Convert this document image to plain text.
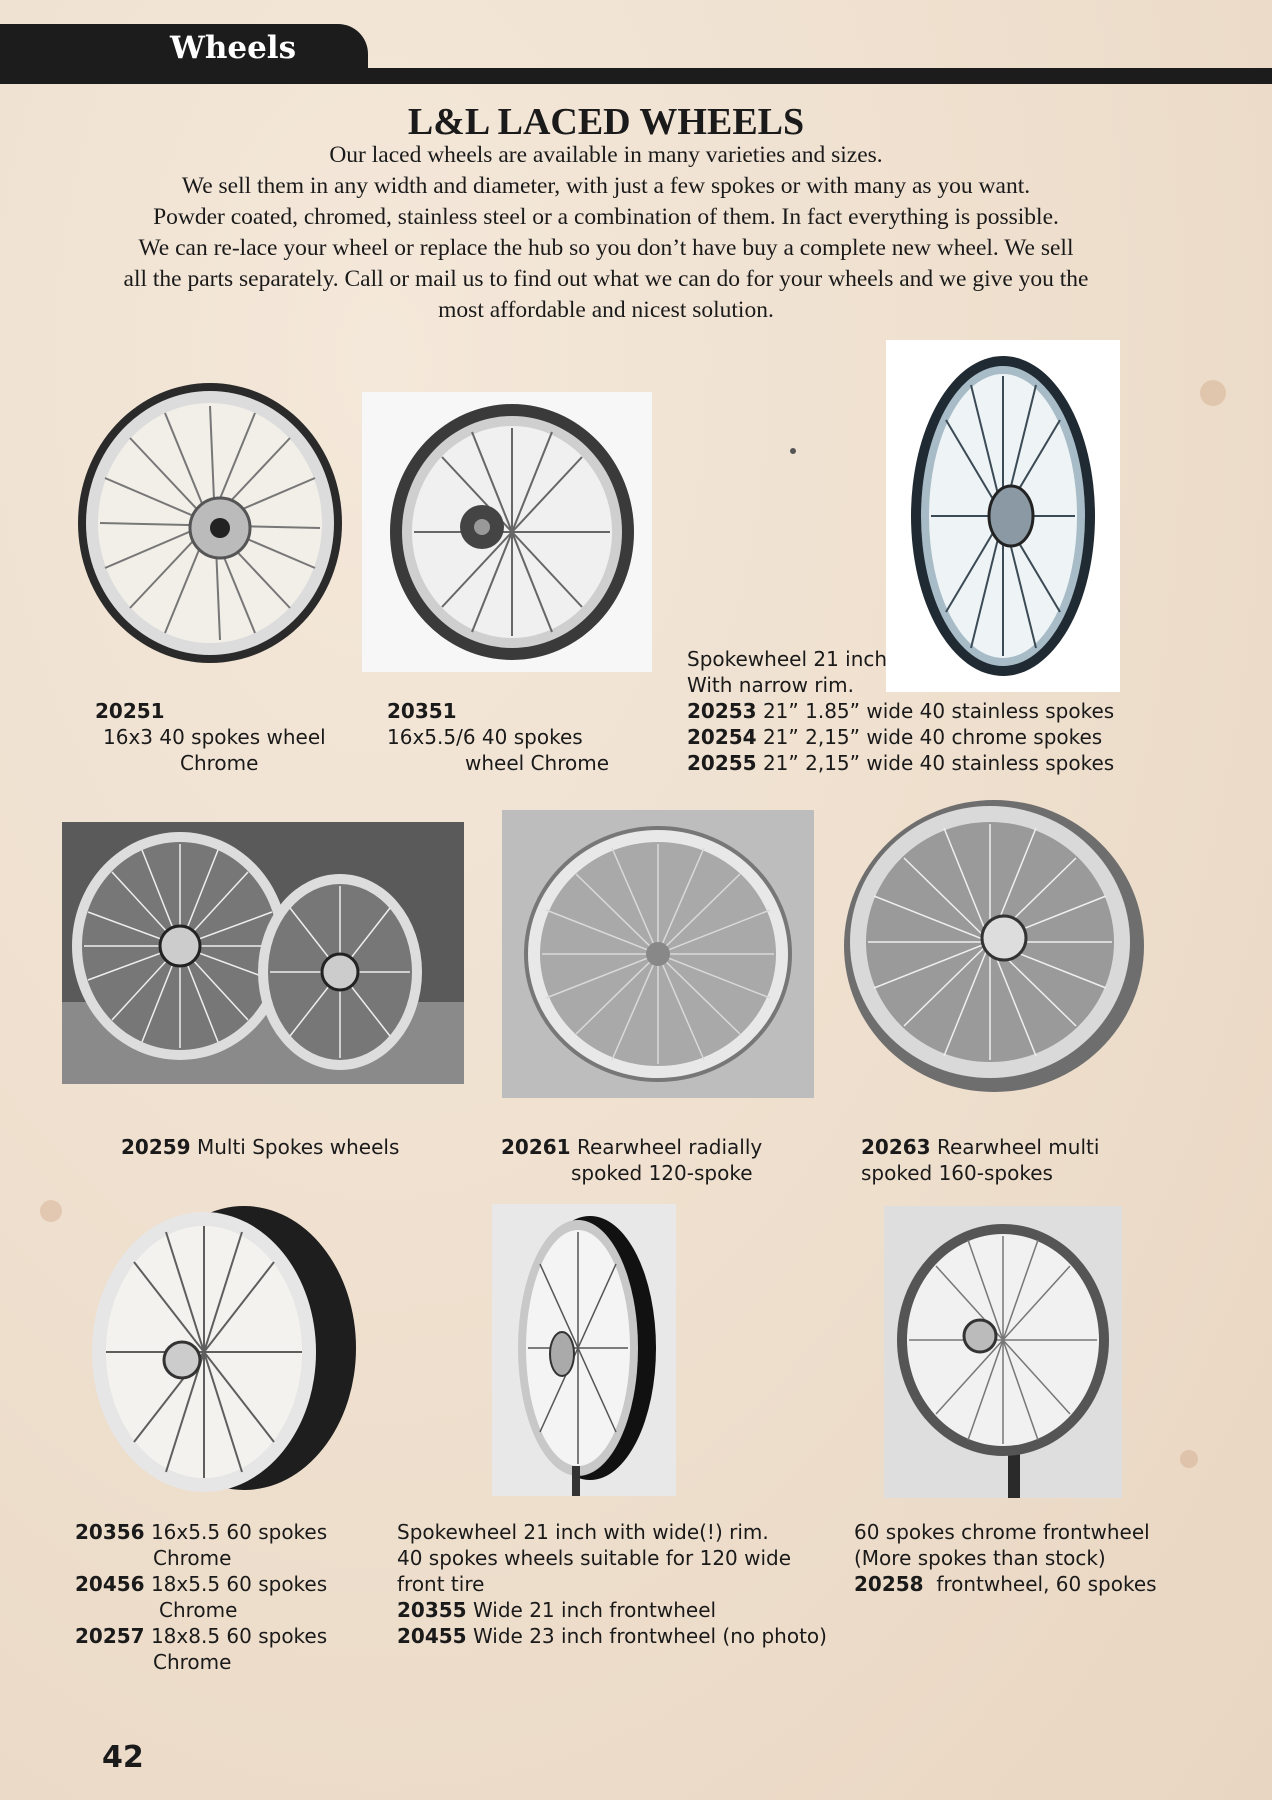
Wheels
L&L LACED WHEELS
Our laced wheels are available in many varieties and sizes.
We sell them in any width and diameter, with just a few spokes or with many as you want.
Powder coated, chromed, stainless steel or a combination of them. In fact everything is possible.
We can re-lace your wheel or replace the hub so you don’t have buy a complete new wheel. We sell
all the parts separately. Call or mail us to find out what we can do for your wheels and we give you the
most affordable and nicest solution.
20251
16x3 40 spokes wheel
Chrome
20351
16x5.5/6 40 spokes
wheel Chrome
Spokewheel 21 inch
With narrow rim.
20253 21” 1.85” wide 40 stainless spokes
20254 21” 2,15” wide 40 chrome spokes
20255 21” 2,15” wide 40 stainless spokes
20259 Multi Spokes wheels	20261 Rearwheel radially
spoked 120-spoke
20263 Rearwheel multi
spoked 160-spokes
20356 16x5.5 60 spokes
Chrome
20456 18x5.5 60 spokes
Chrome
20257 18x8.5 60 spokes
Chrome
Spokewheel 21 inch with wide(!) rim.
40 spokes wheels suitable for 120 wide
front tire
20355 Wide 21 inch frontwheel
20455 Wide 23 inch frontwheel (no photo)
60 spokes chrome frontwheel
(More spokes than stock)
20258 frontwheel, 60 spokes
42
